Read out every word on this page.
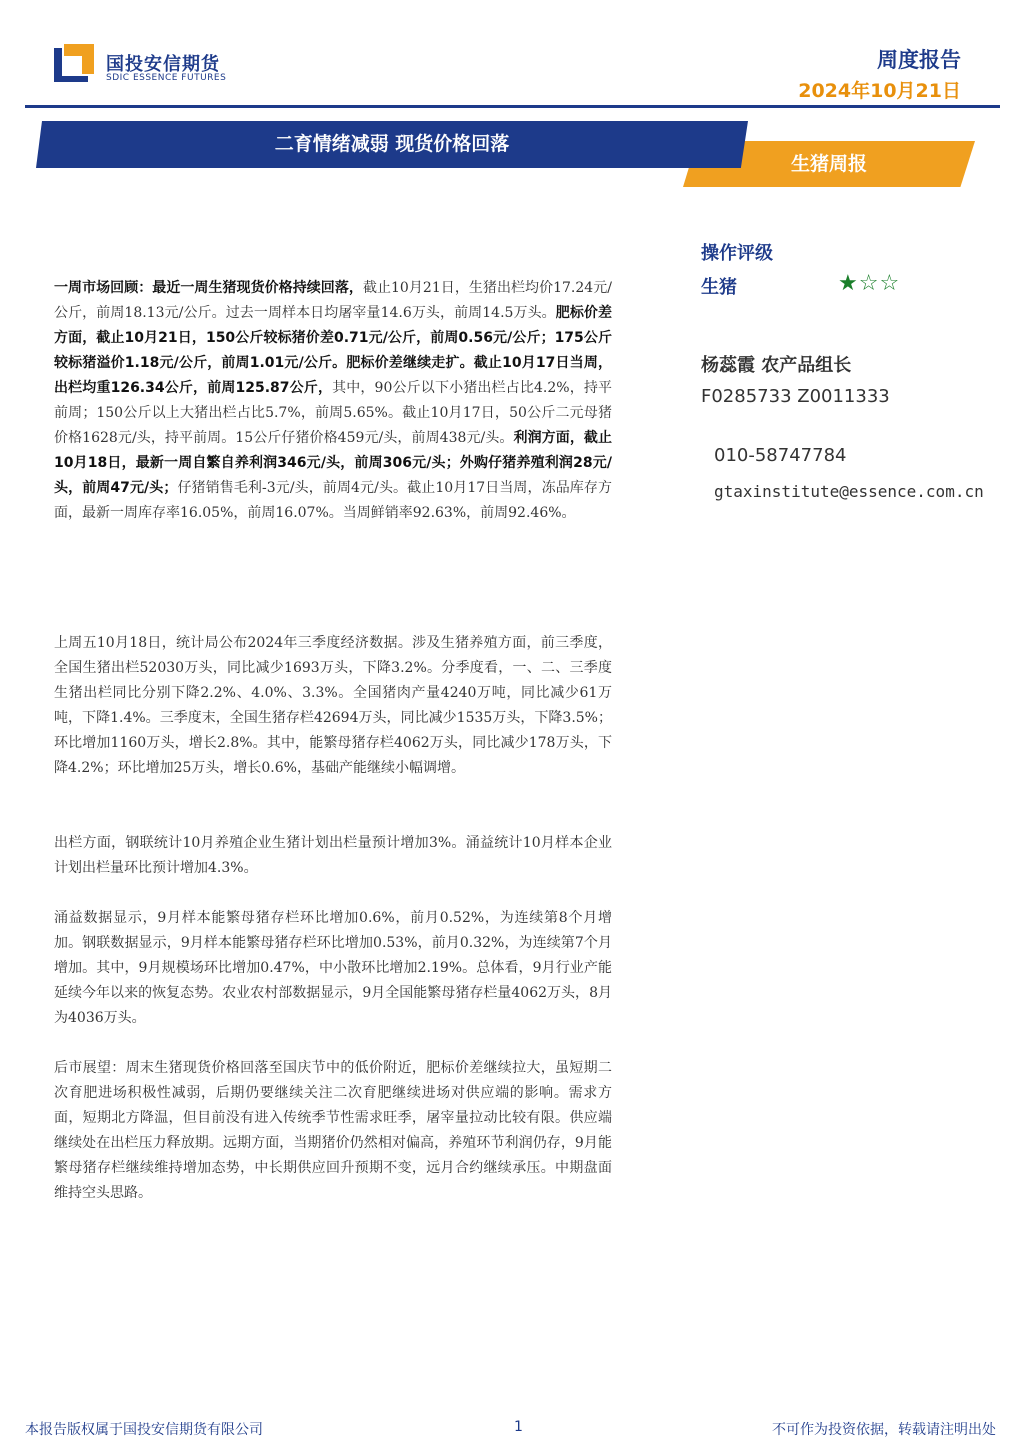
国投安信期货
SDIC ESSENCE FUTURES
周度报告
2024年10月21日
二育情绪减弱 现货价格回落
生猪周报

一周市场回顾：最近一周生猪现货价格持续回落，截止10月21日，生猪出栏均价17.24元/公斤，前周18.13元/公斤。过去一周样本日均屠宰量14.6万头，前周14.5万头。肥标价差方面，截止10月21日，150公斤较标猪价差0.71元/公斤，前周0.56元/公斤；175公斤较标猪溢价1.18元/公斤，前周1.01元/公斤。肥标价差继续走扩。截止10月17日当周，出栏均重126.34公斤，前周125.87公斤，其中，90公斤以下小猪出栏占比4.2%，持平前周；150公斤以上大猪出栏占比5.7%，前周5.65%。截止10月17日，50公斤二元母猪价格1628元/头，持平前周。15公斤仔猪价格459元/头，前周438元/头。利润方面，截止10月18日，最新一周自繁自养利润346元/头，前周306元/头；外购仔猪养殖利润28元/头，前周47元/头；仔猪销售毛利-3元/头，前周4元/头。截止10月17日当周，冻品库存方面，最新一周库存率16.05%，前周16.07%。当周鲜销率92.63%，前周92.46%。

上周五10月18日，统计局公布2024年三季度经济数据。涉及生猪养殖方面，前三季度，全国生猪出栏52030万头，同比减少1693万头，下降3.2%。分季度看，一、二、三季度生猪出栏同比分别下降2.2%、4.0%、3.3%。全国猪肉产量4240万吨，同比减少61万吨，下降1.4%。三季度末，全国生猪存栏42694万头，同比减少1535万头，下降3.5%；环比增加1160万头，增长2.8%。其中，能繁母猪存栏4062万头，同比减少178万头，下降4.2%；环比增加25万头，增长0.6%，基础产能继续小幅调增。

出栏方面，钢联统计10月养殖企业生猪计划出栏量预计增加3%。涌益统计10月样本企业计划出栏量环比预计增加4.3%。

涌益数据显示，9月样本能繁母猪存栏环比增加0.6%，前月0.52%，为连续第8个月增加。钢联数据显示，9月样本能繁母猪存栏环比增加0.53%，前月0.32%，为连续第7个月增加。其中，9月规模场环比增加0.47%，中小散环比增加2.19%。总体看，9月行业产能延续今年以来的恢复态势。农业农村部数据显示，9月全国能繁母猪存栏量4062万头，8月为4036万头。

后市展望：周末生猪现货价格回落至国庆节中的低价附近，肥标价差继续拉大，虽短期二次育肥进场积极性减弱，后期仍要继续关注二次育肥继续进场对供应端的影响。需求方面，短期北方降温，但目前没有进入传统季节性需求旺季，屠宰量拉动比较有限。供应端继续处在出栏压力释放期。远期方面，当期猪价仍然相对偏高，养殖环节利润仍存，9月能繁母猪存栏继续维持增加态势，中长期供应回升预期不变，远月合约继续承压。中期盘面维持空头思路。

操作评级
生猪	★☆☆
杨蕊霞 农产品组长
F0285733 Z0011333
010-58747784
gtaxinstitute@essence.com.cn
本报告版权属于国投安信期货有限公司	1	不可作为投资依据，转载请注明出处
